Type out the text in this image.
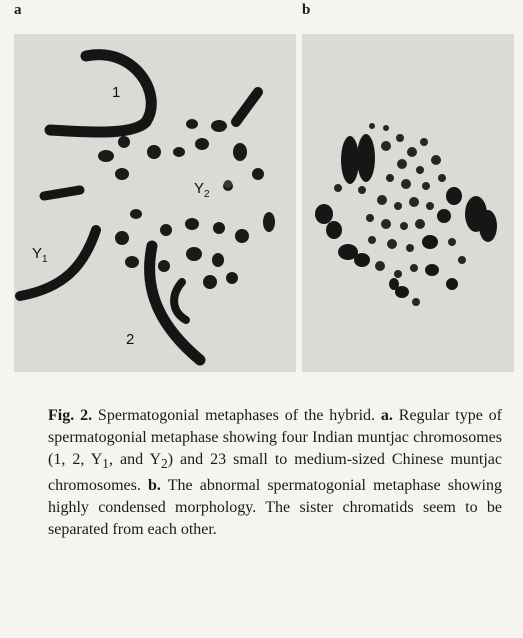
a	b
1
2
$Y_1$
$Y_2$

Fig. 2. Spermatogonial metaphases of the hybrid. a. Regular type of spermatogonial metaphase showing four Indian muntjac chromosomes (1, 2, $Y_1$, and $Y_2$) and 23 small to medium-sized Chinese muntjac chromosomes. b. The abnormal spermatogonial metaphase showing highly condensed morphology. The sister chromatids seem to be separated from each other.
